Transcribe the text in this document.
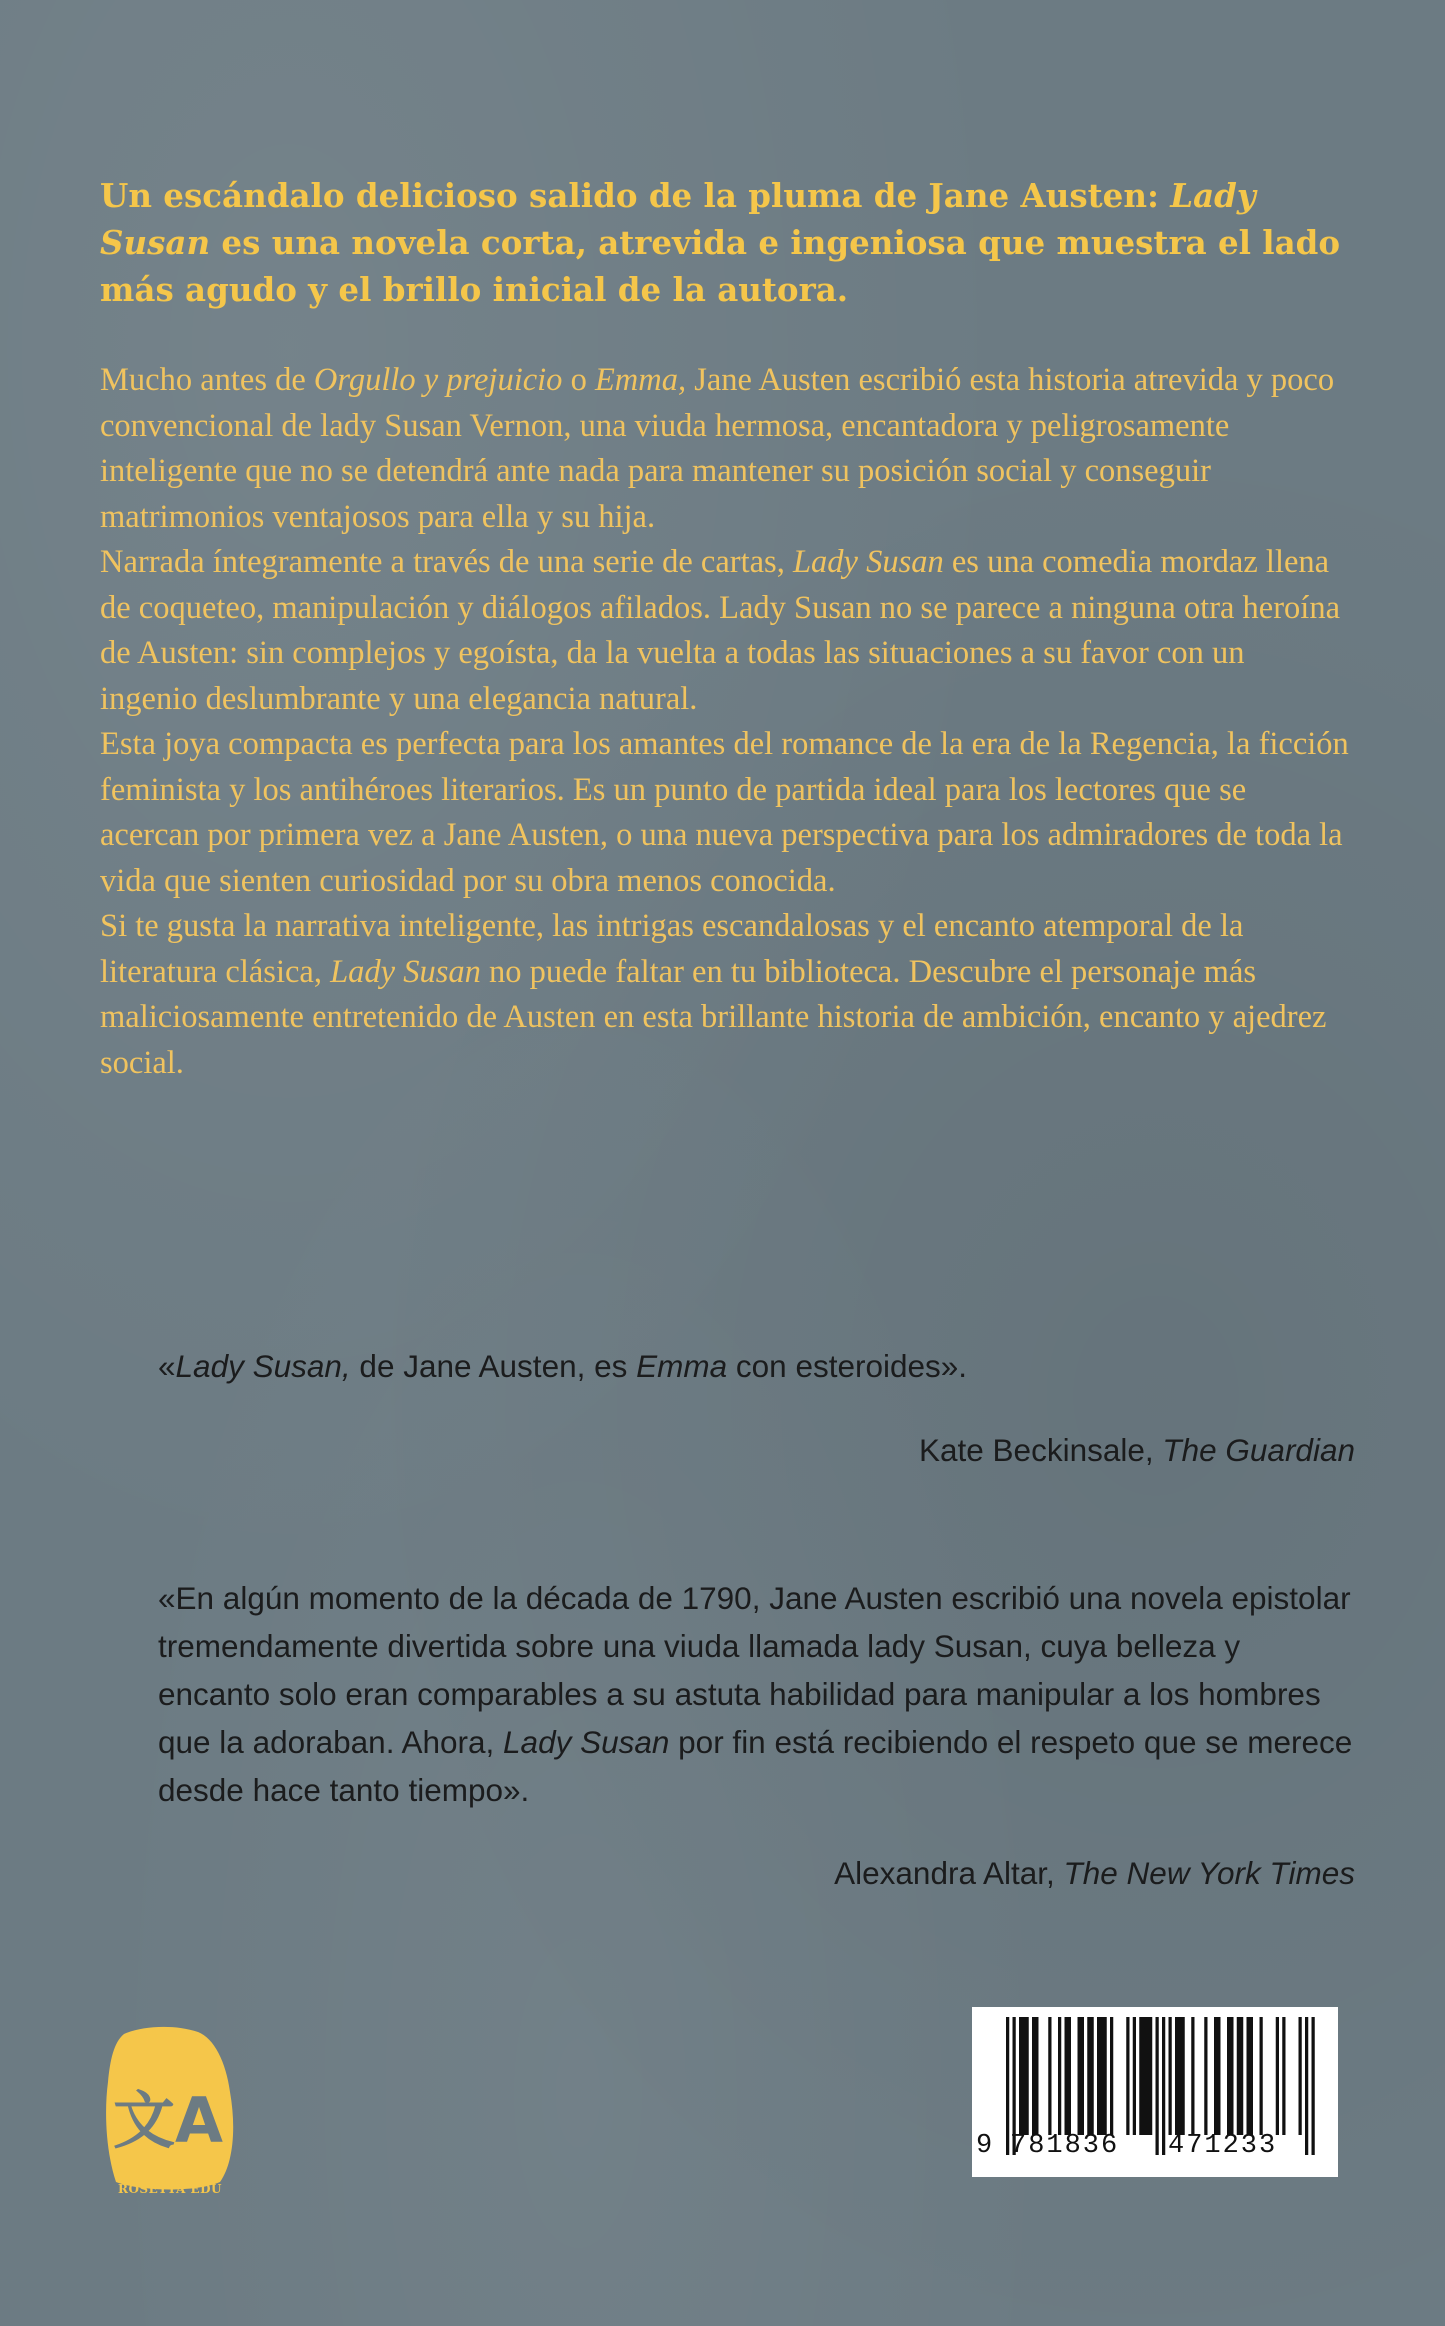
Un escándalo delicioso salido de la pluma de Jane Austen: Lady Susan es una novela corta, atrevida e ingeniosa que muestra el lado más agudo y el brillo inicial de la autora.

Mucho antes de Orgullo y prejuicio o Emma, Jane Austen escribió esta historia atrevida y poco convencional de lady Susan Vernon, una viuda hermosa, encantadora y peligrosamente inteligente que no se detendrá ante nada para mantener su posición social y conseguir matrimonios ventajosos para ella y su hija.

Narrada íntegramente a través de una serie de cartas, Lady Susan es una comedia mordaz llena de coqueteo, manipulación y diálogos afilados. Lady Susan no se parece a ninguna otra heroína de Austen: sin complejos y egoísta, da la vuelta a todas las situaciones a su favor con un ingenio deslumbrante y una elegancia natural.

Esta joya compacta es perfecta para los amantes del romance de la era de la Regencia, la ficción feminista y los antihéroes literarios. Es un punto de partida ideal para los lectores que se acercan por primera vez a Jane Austen, o una nueva perspectiva para los admiradores de toda la vida que sienten curiosidad por su obra menos conocida.

Si te gusta la narrativa inteligente, las intrigas escandalosas y el encanto atemporal de la literatura clásica, Lady Susan no puede faltar en tu biblioteca. Descubre el personaje más maliciosamente entretenido de Austen en esta brillante historia de ambición, encanto y ajedrez social.

«Lady Susan, de Jane Austen, es Emma con esteroides».

Kate Beckinsale, The Guardian

«En algún momento de la década de 1790, Jane Austen escribió una novela epistolar tremendamente divertida sobre una viuda llamada lady Susan, cuya belleza y encanto solo eran comparables a su astuta habilidad para manipular a los hombres que la adoraban. Ahora, Lady Susan por fin está recibiendo el respeto que se merece desde hace tanto tiempo».

Alexandra Altar, The New York Times

文A
ROSETTA EDU
9 781836 471233
